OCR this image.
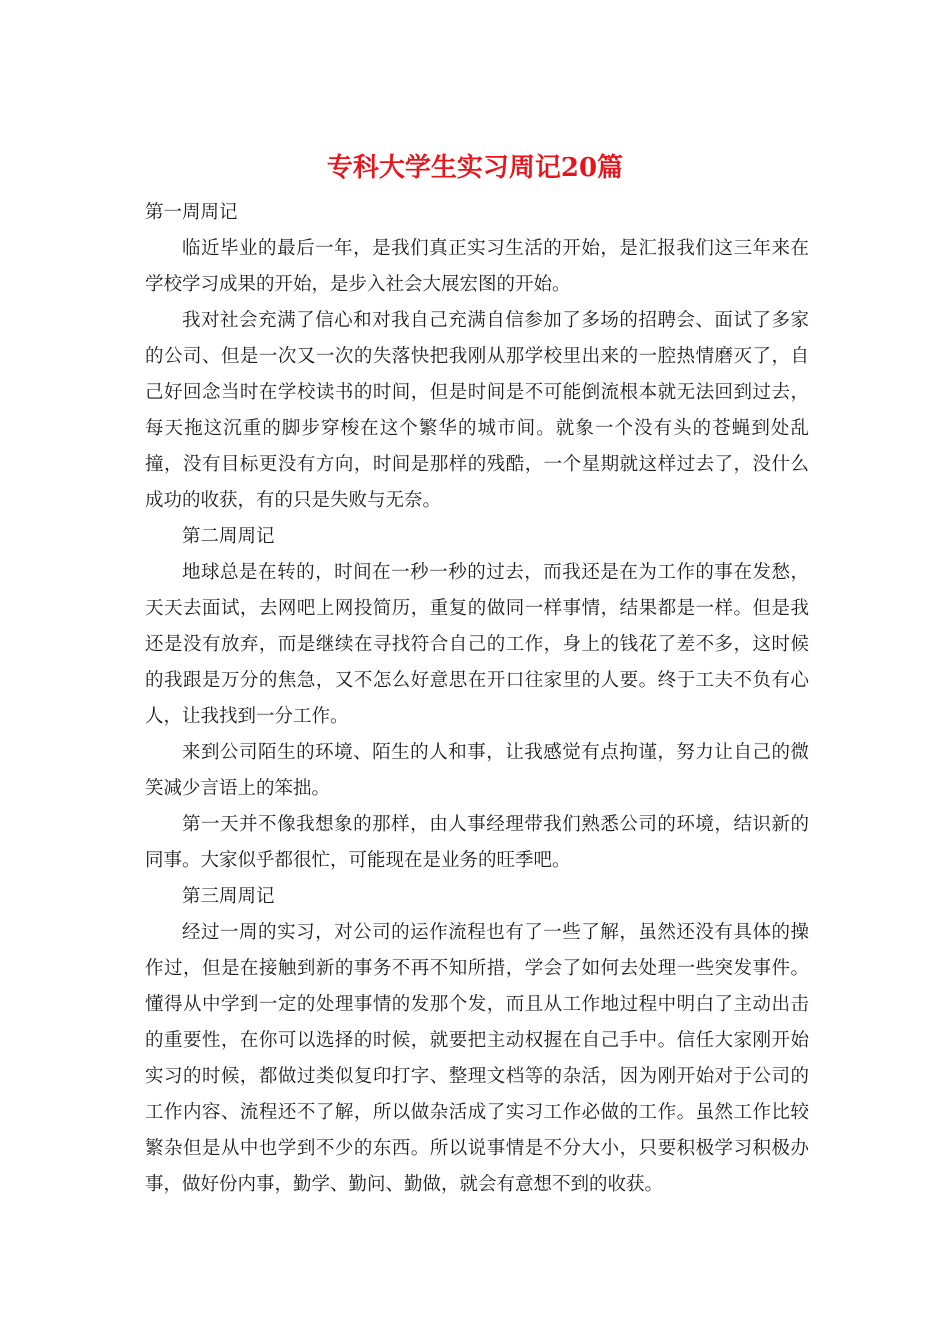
专科大学生实习周记20篇

第一周周记

临近毕业的最后一年，是我们真正实习生活的开始，是汇报我们这三年来在学校学习成果的开始，是步入社会大展宏图的开始。

我对社会充满了信心和对我自己充满自信参加了多场的招聘会、面试了多家的公司、但是一次又一次的失落快把我刚从那学校里出来的一腔热情磨灭了，自己好回念当时在学校读书的时间，但是时间是不可能倒流根本就无法回到过去，每天拖这沉重的脚步穿梭在这个繁华的城市间。就象一个没有头的苍蝇到处乱撞，没有目标更没有方向，时间是那样的残酷，一个星期就这样过去了，没什么成功的收获，有的只是失败与无奈。

第二周周记

地球总是在转的，时间在一秒一秒的过去，而我还是在为工作的事在发愁，天天去面试，去网吧上网投简历，重复的做同一样事情，结果都是一样。但是我还是没有放弃，而是继续在寻找符合自己的工作，身上的钱花了差不多，这时候的我跟是万分的焦急，又不怎么好意思在开口往家里的人要。终于工夫不负有心人，让我找到一分工作。

来到公司陌生的环境、陌生的人和事，让我感觉有点拘谨，努力让自己的微笑减少言语上的笨拙。

第一天并不像我想象的那样，由人事经理带我们熟悉公司的环境，结识新的同事。大家似乎都很忙，可能现在是业务的旺季吧。

第三周周记

经过一周的实习，对公司的运作流程也有了一些了解，虽然还没有具体的操作过，但是在接触到新的事务不再不知所措，学会了如何去处理一些突发事件。懂得从中学到一定的处理事情的发那个发，而且从工作地过程中明白了主动出击的重要性，在你可以选择的时候，就要把主动权握在自己手中。信任大家刚开始实习的时候，都做过类似复印打字、整理文档等的杂活，因为刚开始对于公司的工作内容、流程还不了解，所以做杂活成了实习工作必做的工作。虽然工作比较繁杂但是从中也学到不少的东西。所以说事情是不分大小，只要积极学习积极办事，做好份内事，勤学、勤问、勤做，就会有意想不到的收获。
